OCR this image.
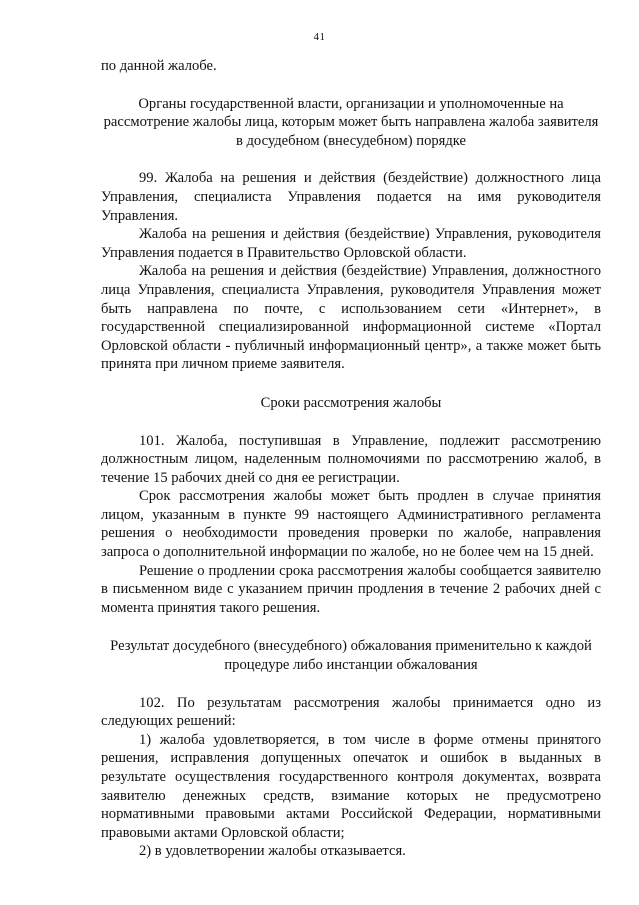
41

по данной жалобе.

Органы государственной власти, организации и уполномоченные на рассмотрение жалобы лица, которым может быть направлена жалоба заявителя в досудебном (внесудебном) порядке

99. Жалоба на решения и действия (бездействие) должностного лица Управления, специалиста Управления подается на имя руководителя Управления.

Жалоба на решения и действия (бездействие) Управления, руководителя Управления подается в Правительство Орловской области.

Жалоба на решения и действия (бездействие) Управления, должностного лица Управления, специалиста Управления, руководителя Управления может быть направлена по почте, с использованием сети «Интернет», в государственной специализированной информационной системе «Портал Орловской области - публичный информационный центр», а также может быть принята при личном приеме заявителя.

Сроки рассмотрения жалобы

101. Жалоба, поступившая в Управление, подлежит рассмотрению должностным лицом, наделенным полномочиями по рассмотрению жалоб, в течение 15 рабочих дней со дня ее регистрации.

Срок рассмотрения жалобы может быть продлен в случае принятия лицом, указанным в пункте 99 настоящего Административного регламента решения о необходимости проведения проверки по жалобе, направления запроса о дополнительной информации по жалобе, но не более чем на 15 дней.

Решение о продлении срока рассмотрения жалобы сообщается заявителю в письменном виде с указанием причин продления в течение 2 рабочих дней с момента принятия такого решения.

Результат досудебного (внесудебного) обжалования применительно к каждой процедуре либо инстанции обжалования

102. По результатам рассмотрения жалобы принимается одно из следующих решений:

1) жалоба удовлетворяется, в том числе в форме отмены принятого решения, исправления допущенных опечаток и ошибок в выданных в результате осуществления государственного контроля документах, возврата заявителю денежных средств, взимание которых не предусмотрено нормативными правовыми актами Российской Федерации, нормативными правовыми актами Орловской области;

2) в удовлетворении жалобы отказывается.
